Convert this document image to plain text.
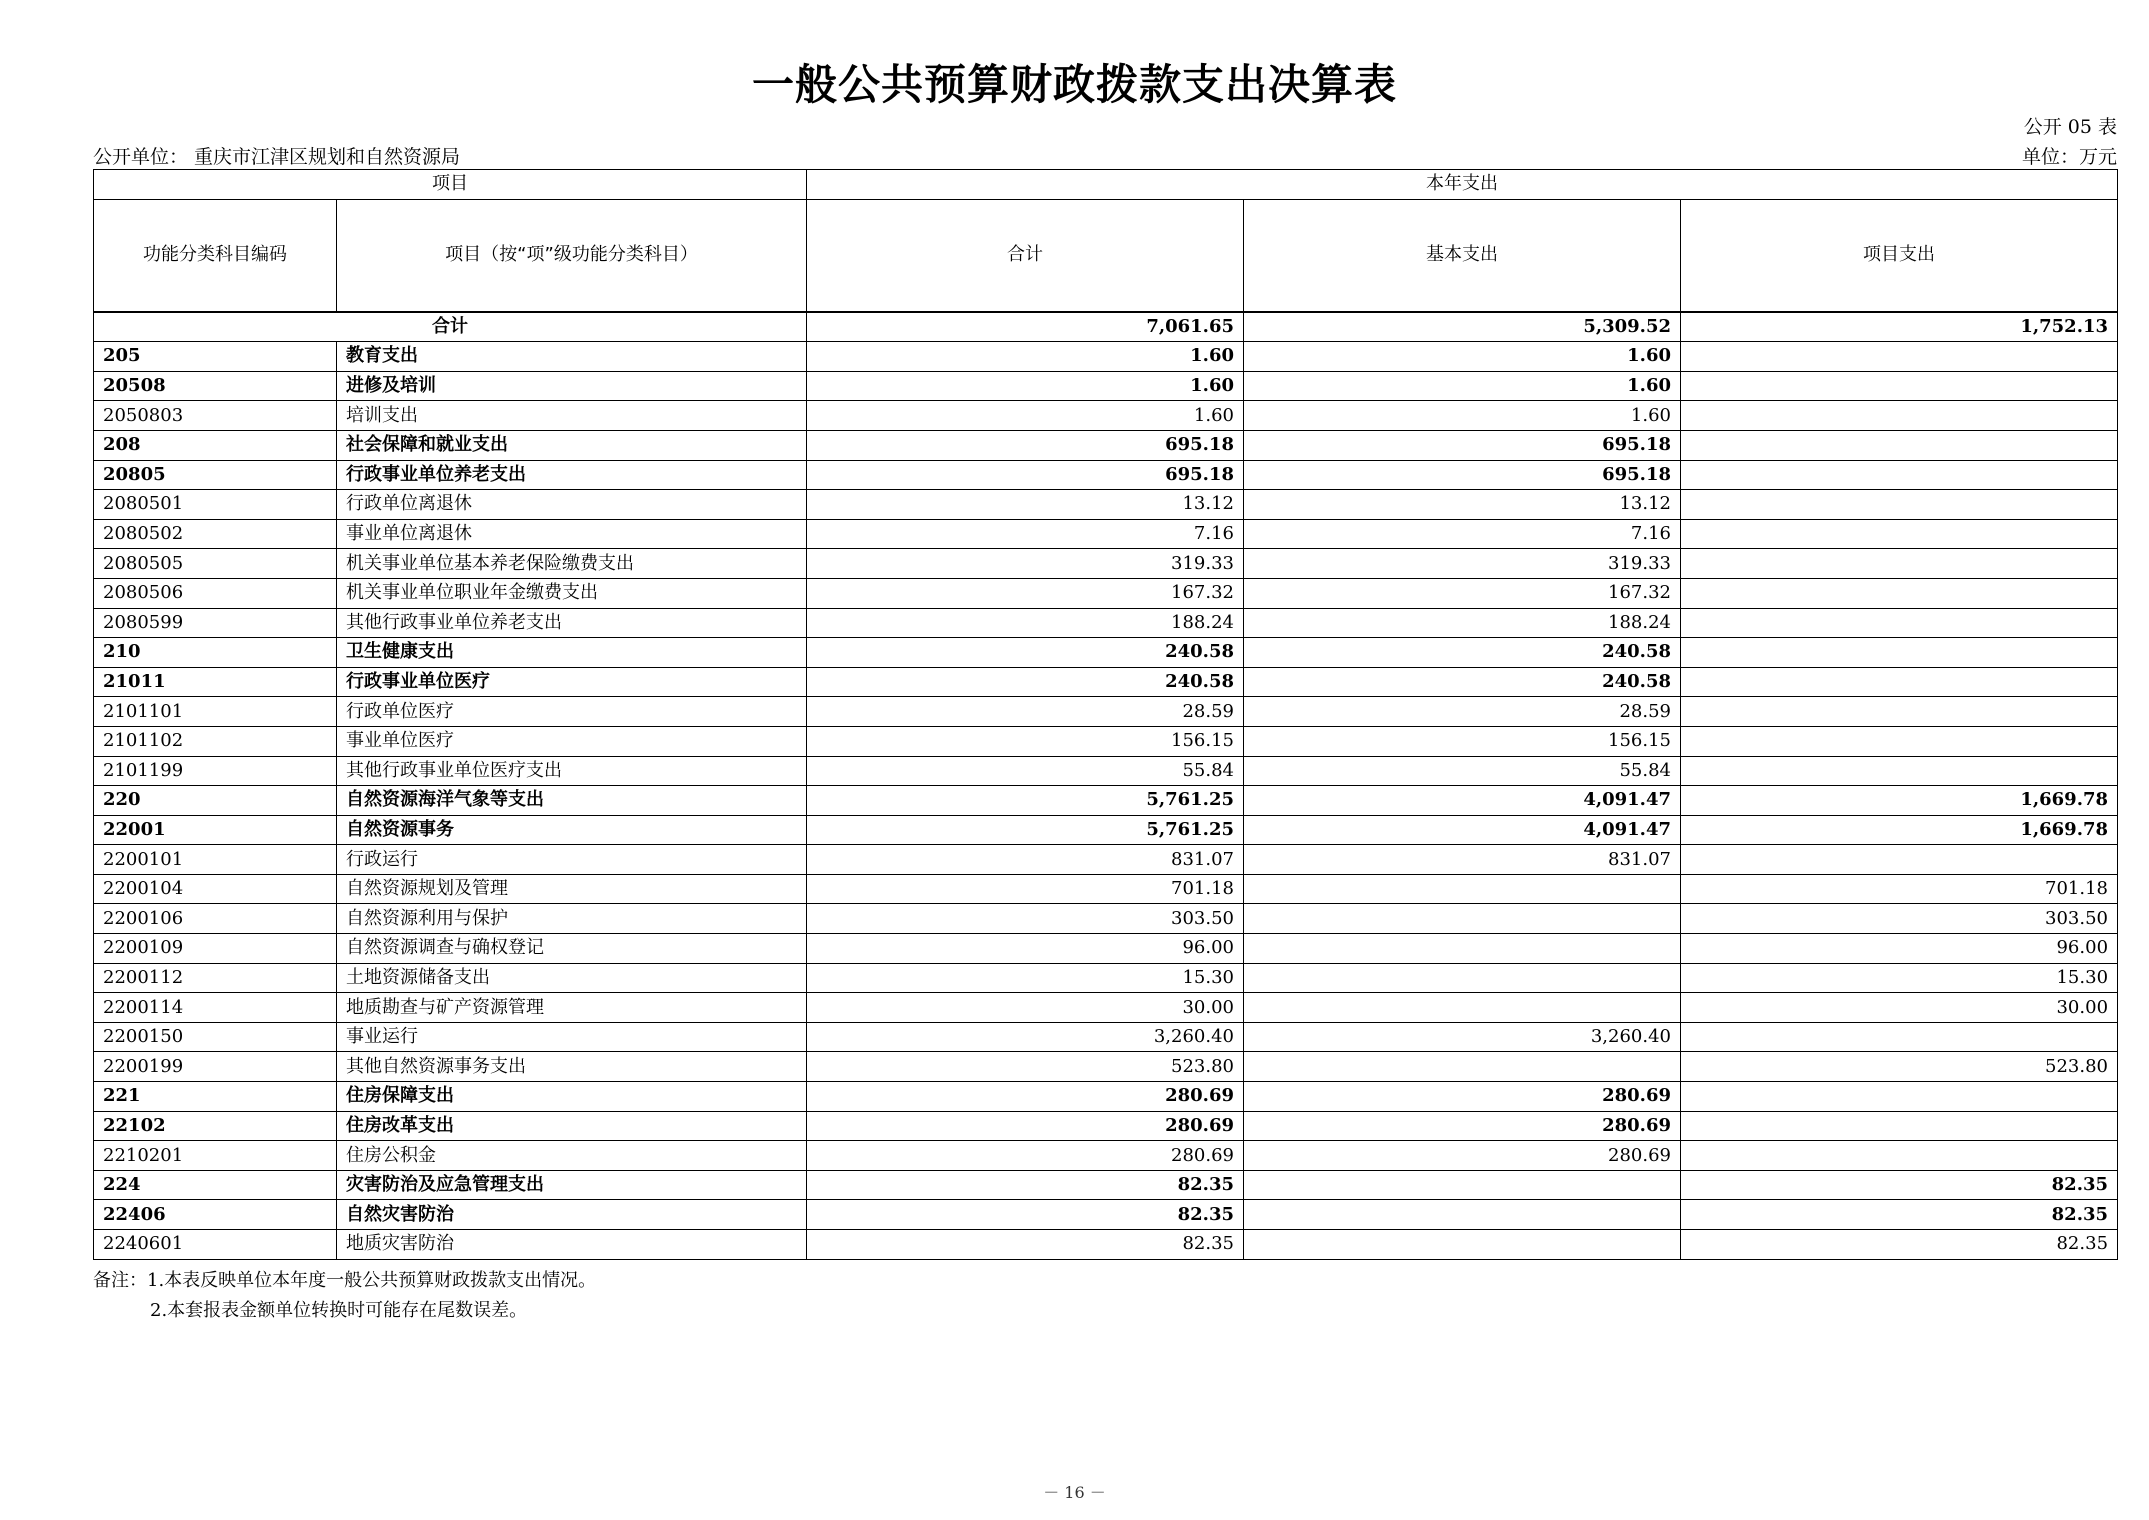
一般公共预算财政拨款支出决算表
公开 05 表
公开单位： 重庆市江津区规划和自然资源局	单位：万元
项目		本年支出		
功能分类科目编码	项目（按“项”级功能分类科目）	合计	基本支出	项目支出
合计		7,061.65	5,309.52	1,752.13
205	教育支出	1.60	1.60	
20508	进修及培训	1.60	1.60	
2050803	培训支出	1.60	1.60	
208	社会保障和就业支出	695.18	695.18	
20805	行政事业单位养老支出	695.18	695.18	
2080501	行政单位离退休	13.12	13.12	
2080502	事业单位离退休	7.16	7.16	
2080505	机关事业单位基本养老保险缴费支出	319.33	319.33	
2080506	机关事业单位职业年金缴费支出	167.32	167.32	
2080599	其他行政事业单位养老支出	188.24	188.24	
210	卫生健康支出	240.58	240.58	
21011	行政事业单位医疗	240.58	240.58	
2101101	行政单位医疗	28.59	28.59	
2101102	事业单位医疗	156.15	156.15	
2101199	其他行政事业单位医疗支出	55.84	55.84	
220	自然资源海洋气象等支出	5,761.25	4,091.47	1,669.78
22001	自然资源事务	5,761.25	4,091.47	1,669.78
2200101	行政运行	831.07	831.07	
2200104	自然资源规划及管理	701.18		701.18
2200106	自然资源利用与保护	303.50		303.50
2200109	自然资源调查与确权登记	96.00		96.00
2200112	土地资源储备支出	15.30		15.30
2200114	地质勘查与矿产资源管理	30.00		30.00
2200150	事业运行	3,260.40	3,260.40	
2200199	其他自然资源事务支出	523.80		523.80
221	住房保障支出	280.69	280.69	
22102	住房改革支出	280.69	280.69	
2210201	住房公积金	280.69	280.69	
224	灾害防治及应急管理支出	82.35		82.35
22406	自然灾害防治	82.35		82.35
2240601	地质灾害防治	82.35		82.35
备注：1.本表反映单位本年度一般公共预算财政拨款支出情况。
2.本套报表金额单位转换时可能存在尾数误差。
－ 16 －
